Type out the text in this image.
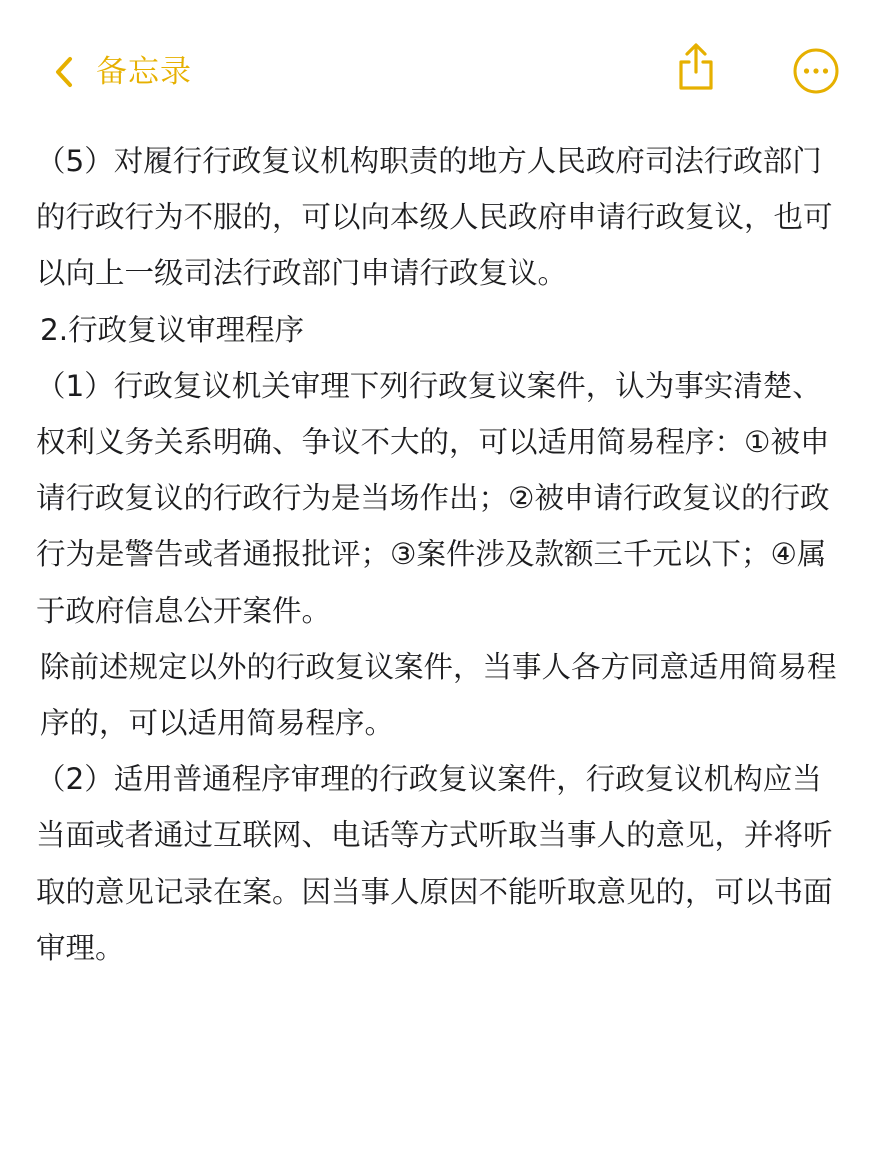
备忘录

（5）对履行行政复议机构职责的地方人民政府司法行政部门的行政行为不服的，可以向本级人民政府申请行政复议，也可以向上一级司法行政部门申请行政复议。

2.行政复议审理程序

（1）行政复议机关审理下列行政复议案件，认为事实清楚、权利义务关系明确、争议不大的，可以适用简易程序：①被申请行政复议的行政行为是当场作出；②被申请行政复议的行政行为是警告或者通报批评；③案件涉及款额三千元以下；④属于政府信息公开案件。

除前述规定以外的行政复议案件，当事人各方同意适用简易程序的，可以适用简易程序。

（2）适用普通程序审理的行政复议案件，行政复议机构应当当面或者通过互联网、电话等方式听取当事人的意见，并将听取的意见记录在案。因当事人原因不能听取意见的，可以书面审理。
